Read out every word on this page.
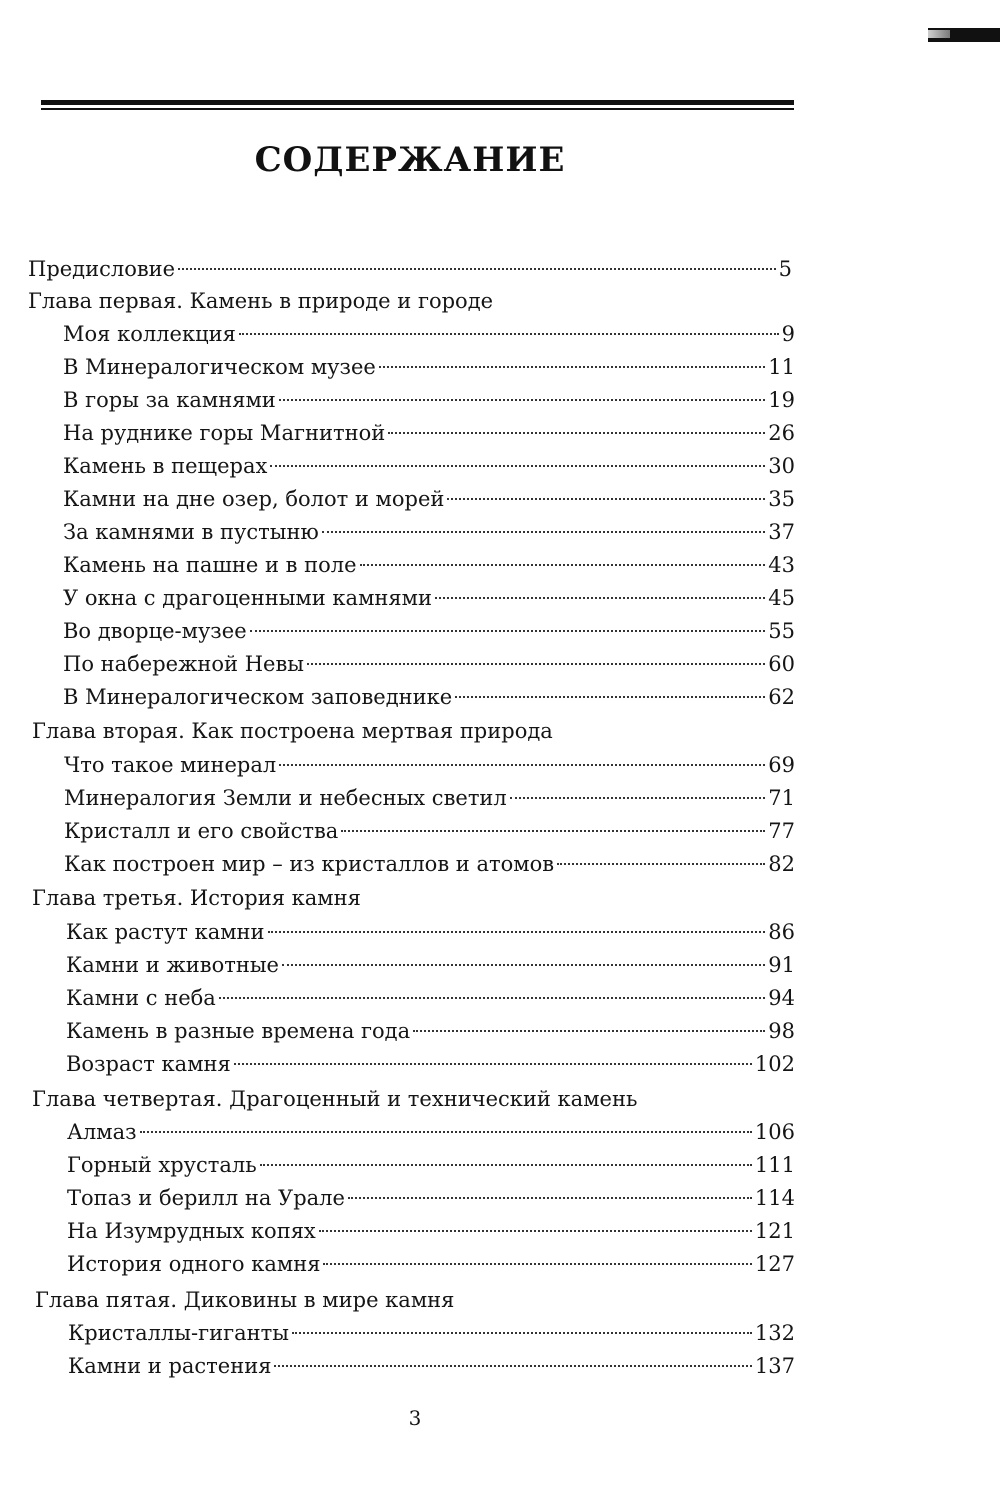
СОДЕРЖАНИЕ
Предисловие	5
Глава первая. Камень в природе и городе
Моя коллекция	9
В Минералогическом музее	11
В горы за камнями	19
На руднике горы Магнитной	26
Камень в пещерах	30
Камни на дне озер, болот и морей	35
За камнями в пустыню	37
Камень на пашне и в поле	43
У окна с драгоценными камнями	45
Во дворце-музее	55
По набережной Невы	60
В Минералогическом заповеднике	62
Глава вторая. Как построена мертвая природа
Что такое минерал	69
Минералогия Земли и небесных светил	71
Кристалл и его свойства	77
Как построен мир – из кристаллов и атомов	82
Глава третья. История камня
Как растут камни	86
Камни и животные	91
Камни с неба	94
Камень в разные времена года	98
Возраст камня	102
Глава четвертая. Драгоценный и технический камень
Алмаз	106
Горный хрусталь	111
Топаз и берилл на Урале	114
На Изумрудных копях	121
История одного камня	127
Глава пятая. Диковины в мире камня
Кристаллы-гиганты	132
Камни и растения	137
3
